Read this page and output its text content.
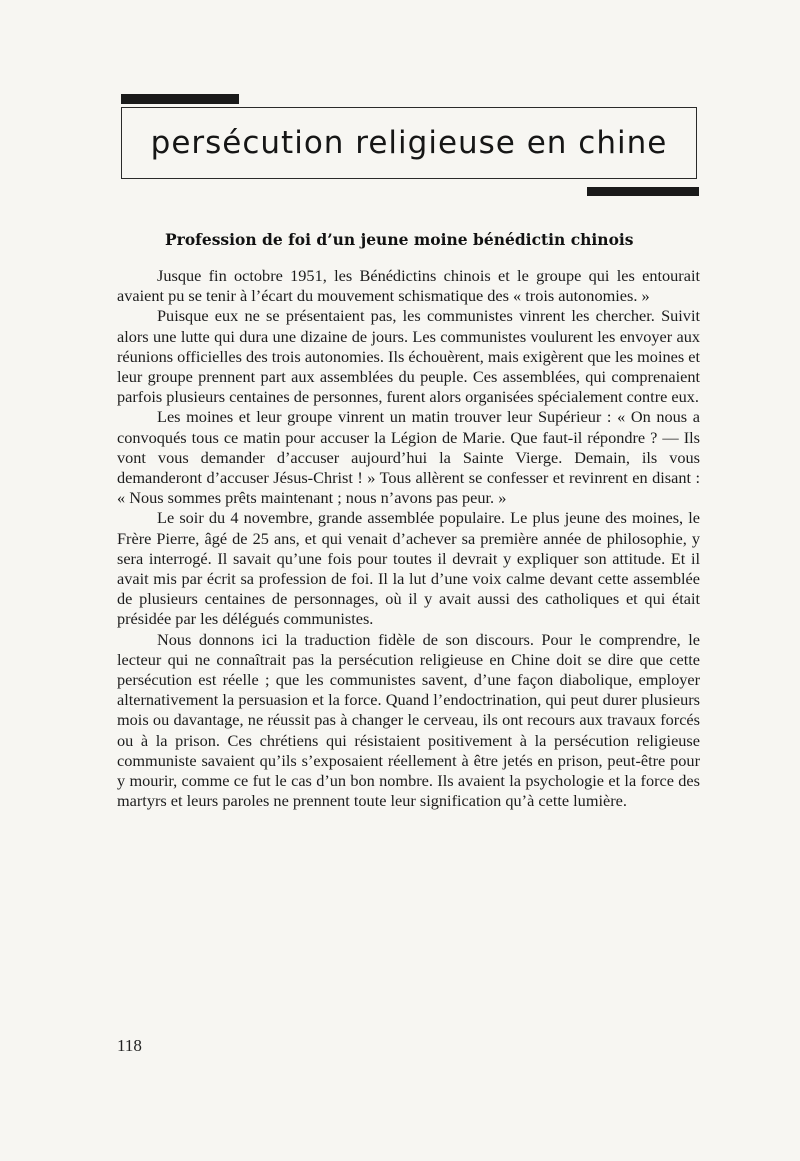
persécution religieuse en chine
Profession de foi d’un jeune moine bénédictin chinois

Jusque fin octobre 1951, les Bénédictins chinois et le groupe qui les entourait avaient pu se tenir à l’écart du mouvement schismatique des « trois autonomies. »

Puisque eux ne se présentaient pas, les communistes vinrent les chercher. Suivit alors une lutte qui dura une dizaine de jours. Les communistes voulurent les envoyer aux réunions officielles des trois autonomies. Ils échouèrent, mais exigèrent que les moines et leur groupe prennent part aux assemblées du peuple. Ces assemblées, qui comprenaient parfois plusieurs centaines de personnes, furent alors organisées spécialement contre eux.

Les moines et leur groupe vinrent un matin trouver leur Supérieur : « On nous a convoqués tous ce matin pour accuser la Légion de Marie. Que faut-il répondre ? — Ils vont vous demander d’accuser aujourd’hui la Sainte Vierge. Demain, ils vous demanderont d’accuser Jésus-Christ ! » Tous allèrent se confesser et revinrent en disant : « Nous sommes prêts maintenant ; nous n’avons pas peur. »

Le soir du 4 novembre, grande assemblée populaire. Le plus jeune des moines, le Frère Pierre, âgé de 25 ans, et qui venait d’achever sa première année de philosophie, y sera interrogé. Il savait qu’une fois pour toutes il devrait y expliquer son attitude. Et il avait mis par écrit sa profession de foi. Il la lut d’une voix calme devant cette assemblée de plusieurs centaines de personnages, où il y avait aussi des catholiques et qui était présidée par les délégués communistes.

Nous donnons ici la traduction fidèle de son discours. Pour le comprendre, le lecteur qui ne connaîtrait pas la persécution religieuse en Chine doit se dire que cette persécution est réelle ; que les communistes savent, d’une façon diabolique, employer alternativement la persuasion et la force. Quand l’endoctrination, qui peut durer plusieurs mois ou davantage, ne réussit pas à changer le cerveau, ils ont recours aux travaux forcés ou à la prison. Ces chrétiens qui résistaient positivement à la persécution religieuse communiste savaient qu’ils s’exposaient réellement à être jetés en prison, peut-être pour y mourir, comme ce fut le cas d’un bon nombre. Ils avaient la psychologie et la force des martyrs et leurs paroles ne prennent toute leur signification qu’à cette lumière.

118
